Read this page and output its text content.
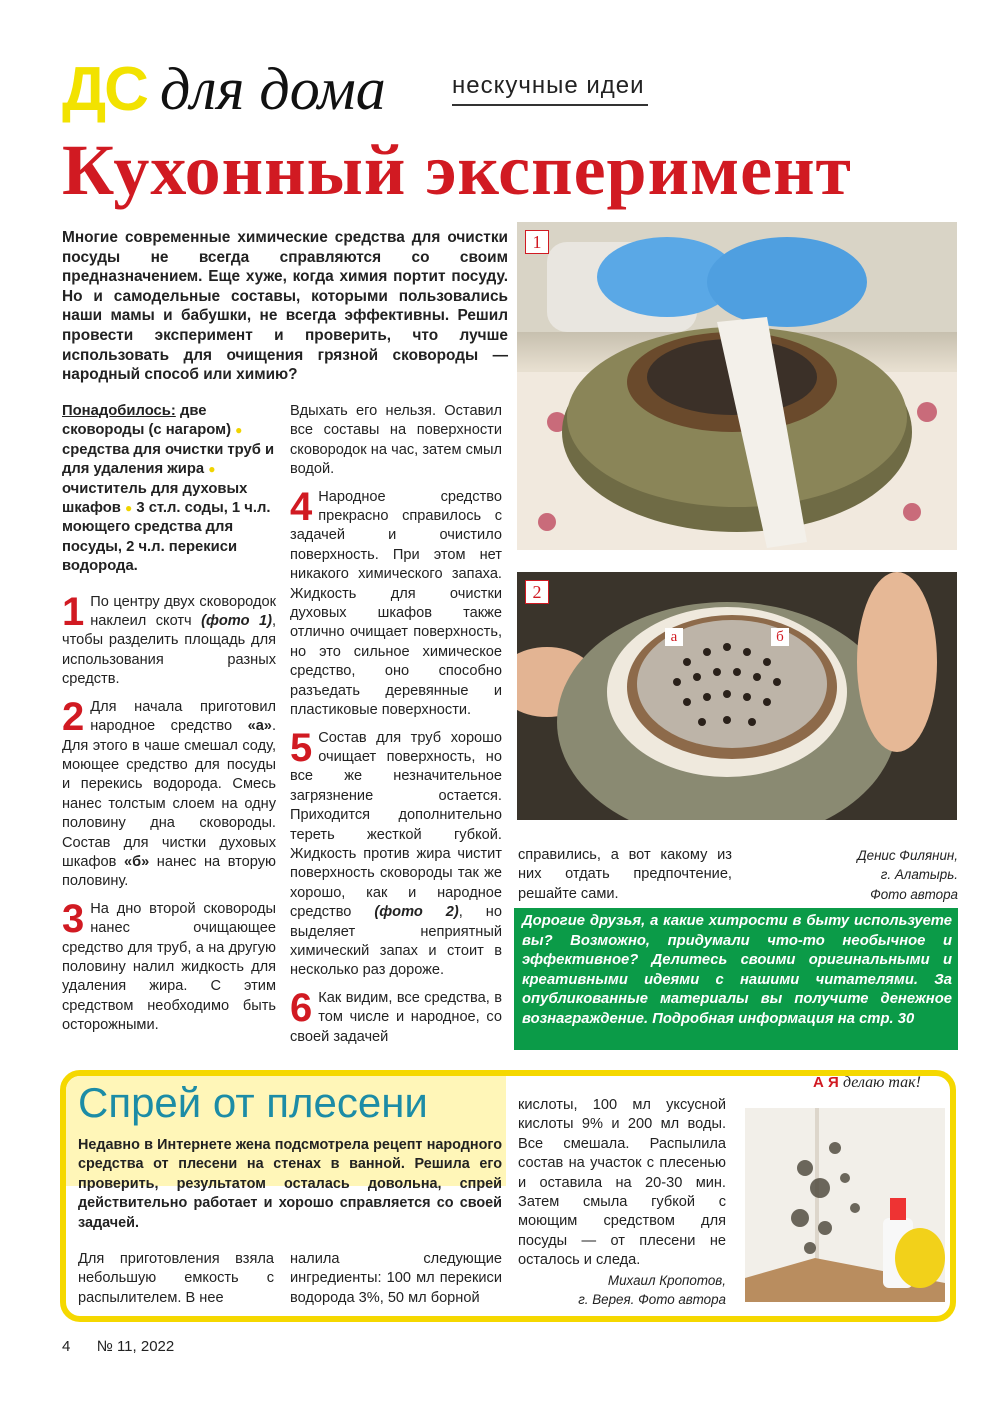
ДС для дома	нескучные идеи
Кухонный эксперимент
Многие современные химические средства для очистки посуды не всегда справляются со своим предназначением. Еще хуже, когда химия портит посуду. Но и самодельные составы, которыми пользовались наши мамы и бабушки, не всегда эффективны. Решил провести эксперимент и проверить, что лучше использовать для очищения грязной сковороды — народный способ или химию?
Понадобилось: две сковороды (с нагаром) ● средства для очистки труб и для удаления жира ● очиститель для духовых шкафов ● 3 ст.л. соды, 1 ч.л. моющего средства для посуды, 2 ч.л. перекиси водорода.
1 По центру двух сковородок наклеил скотч (фото 1), чтобы разделить площадь для использования разных средств.
2 Для начала приготовил народное средство «а». Для этого в чаше смешал соду, моющее средство для посуды и перекись водорода. Смесь нанес толстым слоем на одну половину дна сковороды. Состав для чистки духовых шкафов «б» нанес на вторую половину.
3 На дно второй сковороды нанес очищающее средство для труб, а на другую половину налил жидкость для удаления жира. С этим средством необходимо быть осторожными.
Вдыхать его нельзя. Оставил все составы на поверхности сковородок на час, затем смыл водой.
4 Народное средство прекрасно справилось с задачей и очистило поверхность. При этом нет никакого химического запаха. Жидкость для очистки духовых шкафов также отлично очищает поверхность, но это сильное химическое средство, оно способно разъедать деревянные и пластиковые поверхности.
5 Состав для труб хорошо очищает поверхность, но все же незначительное загрязнение остается. Приходится дополнительно тереть жесткой губкой. Жидкость против жира чистит поверхность сковороды так же хорошо, как и народное средство (фото 2), но выделяет неприятный химический запах и стоит в несколько раз дороже.
6 Как видим, все средства, в том числе и народное, со своей задачей
1
2
а	б
справились, а вот какому из них отдать предпочтение, решайте сами.
Денис Филянин,
г. Алатырь.
Фото автора
Дорогие друзья, а какие хитрости в быту используете вы? Возможно, придумали что-то необычное и эффективное? Делитесь своими оригинальными и креативными идеями с нашими читателями. За опубликованные материалы вы получите денежное вознаграждение. Подробная информация на стр. 30
Спрей от плесени
Недавно в Интернете жена подсмотрела рецепт народного средства от плесени на стенах в ванной. Решила его проверить, результатом осталась довольна, спрей действительно работает и хорошо справляется со своей задачей.
Для приготовления взяла небольшую емкость с распылителем. В нее
налила следующие ингредиенты: 100 мл перекиси водорода 3%, 50 мл борной
кислоты, 100 мл уксусной кислоты 9% и 200 мл воды. Все смешала. Распылила состав на участок с плесенью и оставила на 20-30 мин. Затем смыла губкой с моющим средством для посуды — от плесени не осталось и следа.
Михаил Кропотов,
г. Верея. Фото автора
А Я делаю так!
4 № 11, 2022
